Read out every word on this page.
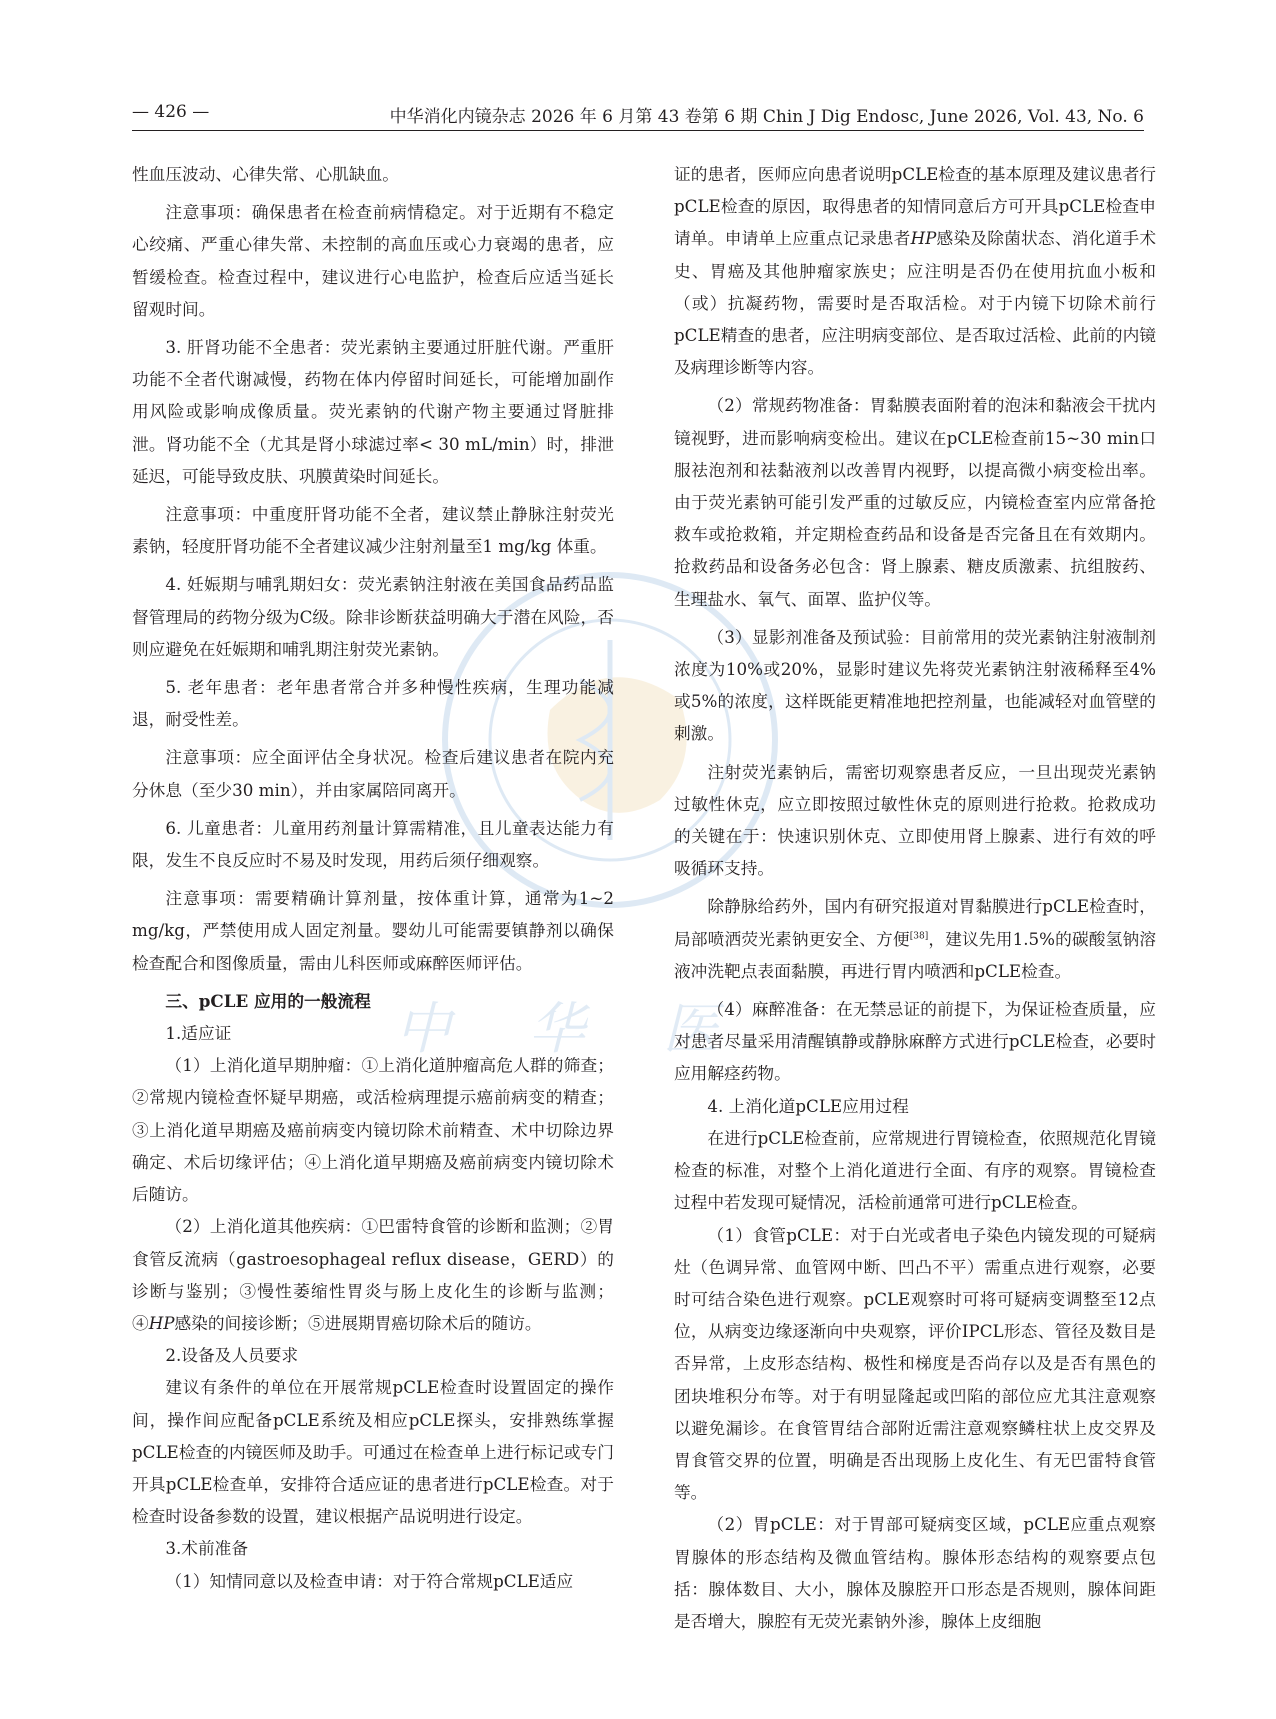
— 426 —	中华消化内镜杂志 2026 年 6 月第 43 卷第 6 期 Chin J Dig Endosc, June 2026, Vol. 43, No. 6
中 华 医

性血压波动、心律失常、心肌缺血。

注意事项：确保患者在检查前病情稳定。对于近期有不稳定心绞痛、严重心律失常、未控制的高血压或心力衰竭的患者，应暂缓检查。检查过程中，建议进行心电监护，检查后应适当延长留观时间。

3. 肝肾功能不全患者：荧光素钠主要通过肝脏代谢。严重肝功能不全者代谢减慢，药物在体内停留时间延长，可能增加副作用风险或影响成像质量。荧光素钠的代谢产物主要通过肾脏排泄。肾功能不全（尤其是肾小球滤过率< 30 mL/min）时，排泄延迟，可能导致皮肤、巩膜黄染时间延长。

注意事项：中重度肝肾功能不全者，建议禁止静脉注射荧光素钠，轻度肝肾功能不全者建议减少注射剂量至1 mg/kg 体重。

4. 妊娠期与哺乳期妇女：荧光素钠注射液在美国食品药品监督管理局的药物分级为C级。除非诊断获益明确大于潜在风险，否则应避免在妊娠期和哺乳期注射荧光素钠。

5. 老年患者：老年患者常合并多种慢性疾病，生理功能减退，耐受性差。

注意事项：应全面评估全身状况。检查后建议患者在院内充分休息（至少30 min），并由家属陪同离开。

6. 儿童患者：儿童用药剂量计算需精准，且儿童表达能力有限，发生不良反应时不易及时发现，用药后须仔细观察。

注意事项：需要精确计算剂量，按体重计算，通常为1~2 mg/kg，严禁使用成人固定剂量。婴幼儿可能需要镇静剂以确保检查配合和图像质量，需由儿科医师或麻醉医师评估。

三、pCLE 应用的一般流程

1.适应证

（1）上消化道早期肿瘤：①上消化道肿瘤高危人群的筛查；②常规内镜检查怀疑早期癌，或活检病理提示癌前病变的精查；③上消化道早期癌及癌前病变内镜切除术前精查、术中切除边界确定、术后切缘评估；④上消化道早期癌及癌前病变内镜切除术后随访。

（2）上消化道其他疾病：①巴雷特食管的诊断和监测；②胃食管反流病（gastroesophageal reflux disease，GERD）的诊断与鉴别；③慢性萎缩性胃炎与肠上皮化生的诊断与监测；④HP感染的间接诊断；⑤进展期胃癌切除术后的随访。

2.设备及人员要求

建议有条件的单位在开展常规pCLE检查时设置固定的操作间，操作间应配备pCLE系统及相应pCLE探头，安排熟练掌握pCLE检查的内镜医师及助手。可通过在检查单上进行标记或专门开具pCLE检查单，安排符合适应证的患者进行pCLE检查。对于检查时设备参数的设置，建议根据产品说明进行设定。

3.术前准备

（1）知情同意以及检查申请：对于符合常规pCLE适应

证的患者，医师应向患者说明pCLE检查的基本原理及建议患者行pCLE检查的原因，取得患者的知情同意后方可开具pCLE检查申请单。申请单上应重点记录患者HP感染及除菌状态、消化道手术史、胃癌及其他肿瘤家族史；应注明是否仍在使用抗血小板和（或）抗凝药物，需要时是否取活检。对于内镜下切除术前行pCLE精查的患者，应注明病变部位、是否取过活检、此前的内镜及病理诊断等内容。

（2）常规药物准备：胃黏膜表面附着的泡沫和黏液会干扰内镜视野，进而影响病变检出。建议在pCLE检查前15~30 min口服祛泡剂和祛黏液剂以改善胃内视野，以提高微小病变检出率。由于荧光素钠可能引发严重的过敏反应，内镜检查室内应常备抢救车或抢救箱，并定期检查药品和设备是否完备且在有效期内。抢救药品和设备务必包含：肾上腺素、糖皮质激素、抗组胺药、生理盐水、氧气、面罩、监护仪等。

（3）显影剂准备及预试验：目前常用的荧光素钠注射液制剂浓度为10%或20%，显影时建议先将荧光素钠注射液稀释至4%或5%的浓度，这样既能更精准地把控剂量，也能减轻对血管壁的刺激。

注射荧光素钠后，需密切观察患者反应，一旦出现荧光素钠过敏性休克，应立即按照过敏性休克的原则进行抢救。抢救成功的关键在于：快速识别休克、立即使用肾上腺素、进行有效的呼吸循环支持。

除静脉给药外，国内有研究报道对胃黏膜进行pCLE检查时，局部喷洒荧光素钠更安全、方便[38]，建议先用1.5%的碳酸氢钠溶液冲洗靶点表面黏膜，再进行胃内喷洒和pCLE检查。

（4）麻醉准备：在无禁忌证的前提下，为保证检查质量，应对患者尽量采用清醒镇静或静脉麻醉方式进行pCLE检查，必要时应用解痉药物。

4. 上消化道pCLE应用过程

在进行pCLE检查前，应常规进行胃镜检查，依照规范化胃镜检查的标准，对整个上消化道进行全面、有序的观察。胃镜检查过程中若发现可疑情况，活检前通常可进行pCLE检查。

（1）食管pCLE：对于白光或者电子染色内镜发现的可疑病灶（色调异常、血管网中断、凹凸不平）需重点进行观察，必要时可结合染色进行观察。pCLE观察时可将可疑病变调整至12点位，从病变边缘逐渐向中央观察，评价IPCL形态、管径及数目是否异常，上皮形态结构、极性和梯度是否尚存以及是否有黑色的团块堆积分布等。对于有明显隆起或凹陷的部位应尤其注意观察以避免漏诊。在食管胃结合部附近需注意观察鳞柱状上皮交界及胃食管交界的位置，明确是否出现肠上皮化生、有无巴雷特食管等。

（2）胃pCLE：对于胃部可疑病变区域，pCLE应重点观察胃腺体的形态结构及微血管结构。腺体形态结构的观察要点包括：腺体数目、大小，腺体及腺腔开口形态是否规则，腺体间距是否增大，腺腔有无荧光素钠外渗，腺体上皮细胞
